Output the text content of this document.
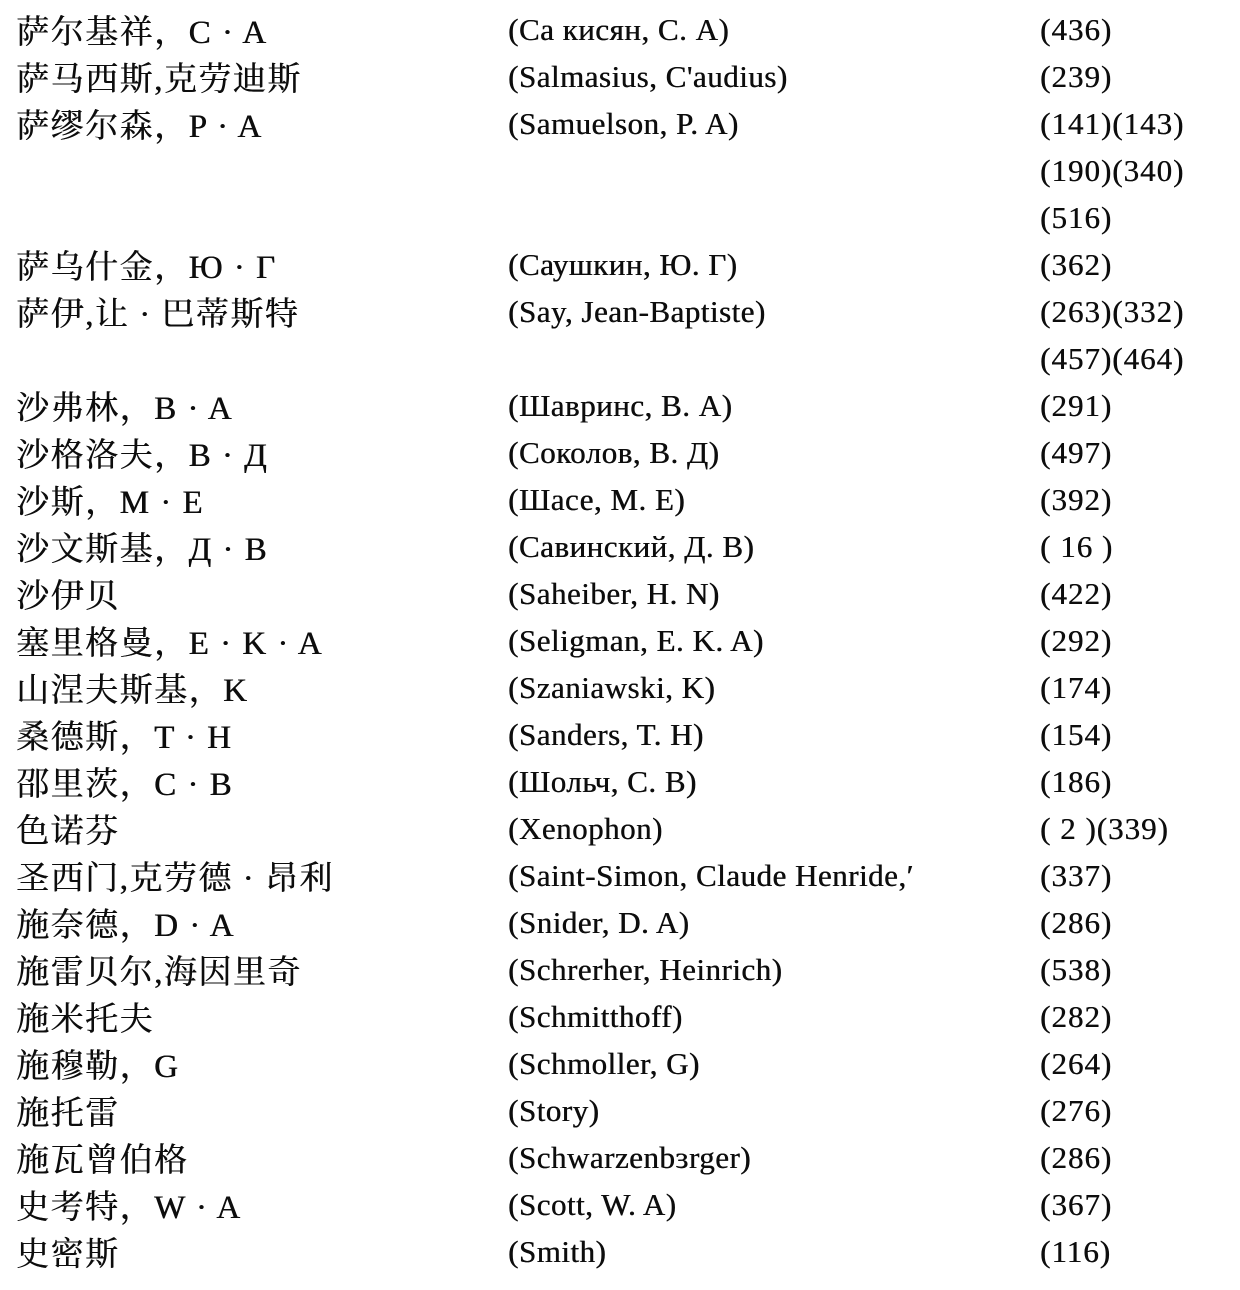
萨尔基祥，C · A	(Са кисян, С. А)	(436)
萨马西斯,克劳迪斯	(Salmasius, C'audius)	(239)
萨缪尔森，P · A	(Samuelson, P. A)	(141)(143)
(190)(340)
(516)
萨乌什金，Ю · Г	(Саушкин, Ю. Г)	(362)
萨伊,让 · 巴蒂斯特	(Say, Jean-Baptiste)	(263)(332)
(457)(464)
沙弗林，B · A	(Шавринс, В. А)	(291)
沙格洛夫，B · Д	(Соколов, В. Д)	(497)
沙斯，M · E	(Шасе, М. Е)	(392)
沙文斯基，Д · B	(Савинский, Д. В)	( 16 )
沙伊贝	(Saheiber, H. N)	(422)
塞里格曼，E · K · A	(Seligman, E. K. A)	(292)
山涅夫斯基，K	(Szaniawski, K)	(174)
桑德斯，T · H	(Sanders, T. H)	(154)
邵里茨，C · B	(Шольч, С. В)	(186)
色诺芬	(Xenophon)	( 2 )(339)
圣西门,克劳德 · 昂利	(Saint-Simon, Claude Henride,′	(337)
施奈德，D · A	(Snider, D. A)	(286)
施雷贝尔,海因里奇	(Schrerher, Heinrich)	(538)
施米托夫	(Schmitthoff)	(282)
施穆勒，G	(Schmoller, G)	(264)
施托雷	(Story)	(276)
施瓦曾伯格	(Schwarzenbɜrger)	(286)
史考特，W · A	(Scott, W. A)	(367)
史密斯	(Smith)	(116)
